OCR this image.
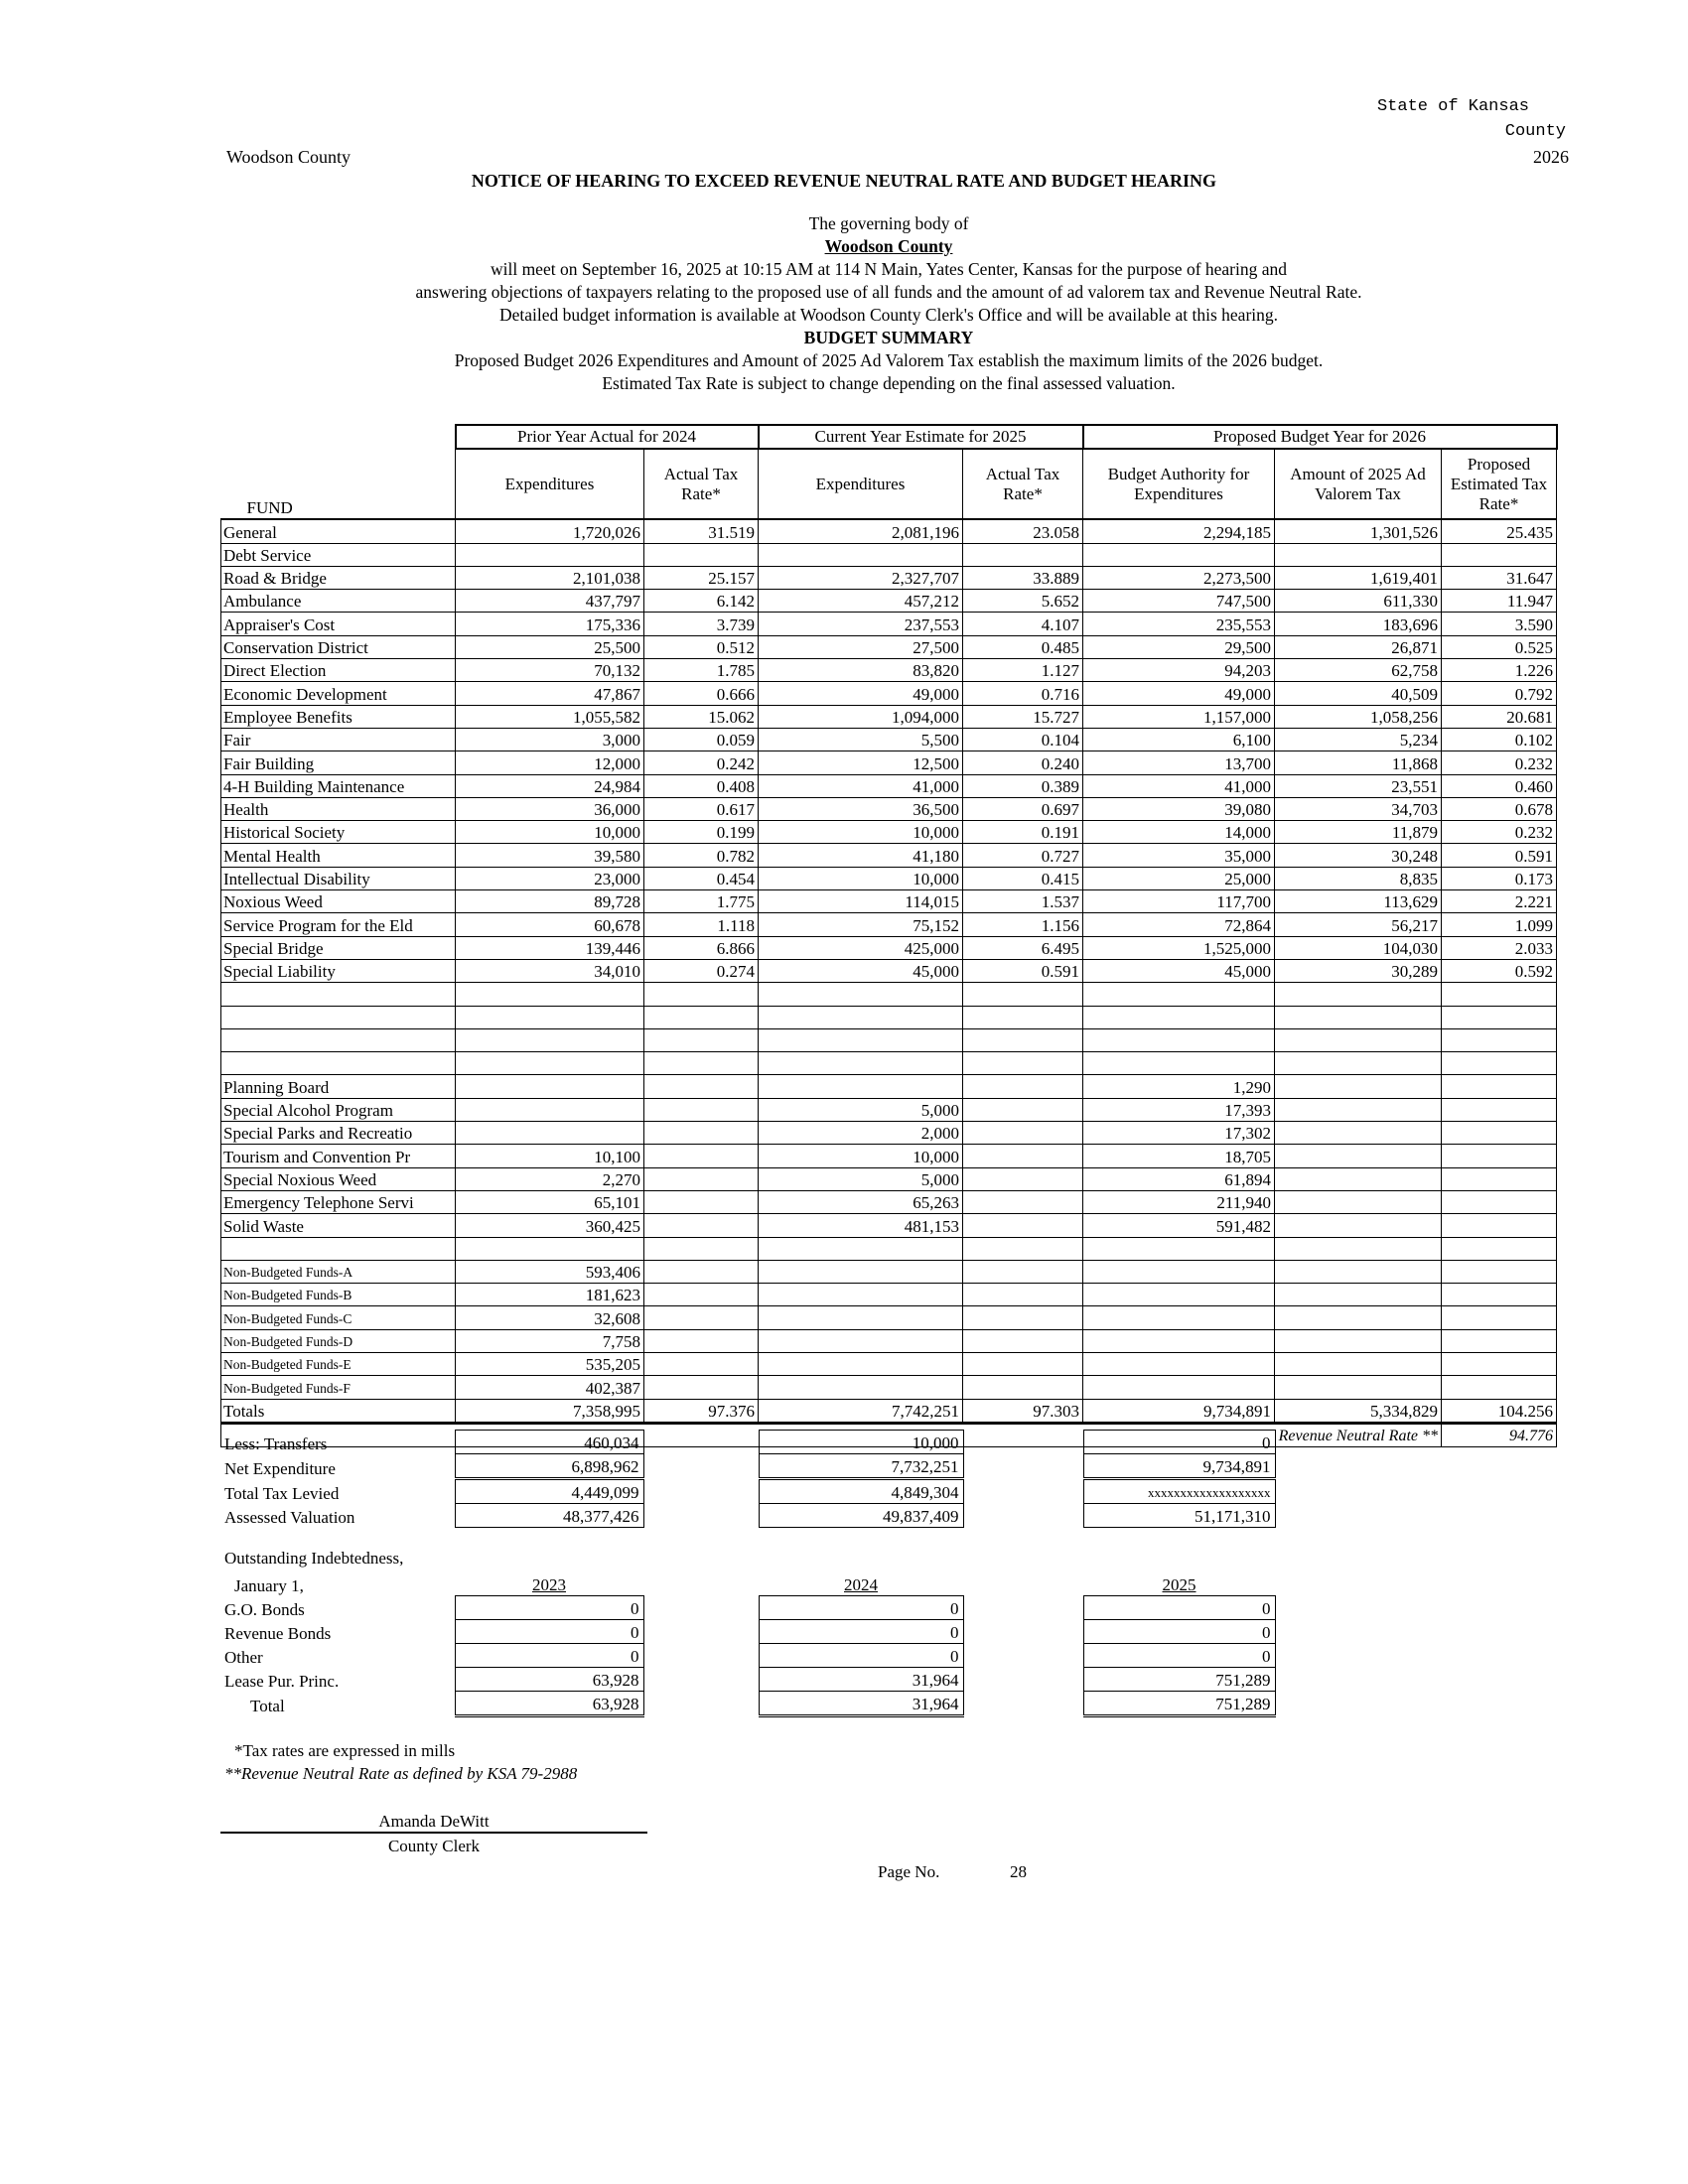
State of Kansas
County
Woodson County	2026
NOTICE OF HEARING TO EXCEED REVENUE NEUTRAL RATE AND BUDGET HEARING
The governing body of
Woodson County
will meet on September 16, 2025 at 10:15 AM at 114 N Main, Yates Center, Kansas for the purpose of hearing and
answering objections of taxpayers relating to the proposed use of all funds and the amount of ad valorem tax and Revenue Neutral Rate.
Detailed budget information is available at Woodson County Clerk's Office and will be available at this hearing.
BUDGET SUMMARY
Proposed Budget 2026 Expenditures and Amount of 2025 Ad Valorem Tax establish the maximum limits of the 2026 budget.
Estimated Tax Rate is subject to change depending on the final assessed valuation.
	Prior Year Actual for 2024		Current Year Estimate for 2025		Proposed Budget Year for 2026		
FUND	Expenditures	Actual Tax Rate*	Expenditures	Actual Tax Rate*	Budget Authority for Expenditures	Amount of 2025 Ad Valorem Tax	Proposed Estimated Tax Rate*
General	1,720,026	31.519	2,081,196	23.058	2,294,185	1,301,526	25.435
Debt Service							
Road & Bridge	2,101,038	25.157	2,327,707	33.889	2,273,500	1,619,401	31.647
Ambulance	437,797	6.142	457,212	5.652	747,500	611,330	11.947
Appraiser's Cost	175,336	3.739	237,553	4.107	235,553	183,696	3.590
Conservation District	25,500	0.512	27,500	0.485	29,500	26,871	0.525
Direct Election	70,132	1.785	83,820	1.127	94,203	62,758	1.226
Economic Development	47,867	0.666	49,000	0.716	49,000	40,509	0.792
Employee Benefits	1,055,582	15.062	1,094,000	15.727	1,157,000	1,058,256	20.681
Fair	3,000	0.059	5,500	0.104	6,100	5,234	0.102
Fair Building	12,000	0.242	12,500	0.240	13,700	11,868	0.232
4-H Building Maintenance	24,984	0.408	41,000	0.389	41,000	23,551	0.460
Health	36,000	0.617	36,500	0.697	39,080	34,703	0.678
Historical Society	10,000	0.199	10,000	0.191	14,000	11,879	0.232
Mental Health	39,580	0.782	41,180	0.727	35,000	30,248	0.591
Intellectual Disability	23,000	0.454	10,000	0.415	25,000	8,835	0.173
Noxious Weed	89,728	1.775	114,015	1.537	117,700	113,629	2.221
Service Program for the Eld	60,678	1.118	75,152	1.156	72,864	56,217	1.099
Special Bridge	139,446	6.866	425,000	6.495	1,525,000	104,030	2.033
Special Liability	34,010	0.274	45,000	0.591	45,000	30,289	0.592

Planning Board					1,290		
Special Alcohol Program			5,000		17,393		
Special Parks and Recreatio			2,000		17,302		
Tourism and Convention Pr	10,100		10,000		18,705		
Special Noxious Weed	2,270		5,000		61,894		
Emergency Telephone Servi	65,101		65,263		211,940		
Solid Waste	360,425		481,153		591,482		

Non-Budgeted Funds-A	593,406						
Non-Budgeted Funds-B	181,623						
Non-Budgeted Funds-C	32,608						
Non-Budgeted Funds-D	7,758						
Non-Budgeted Funds-E	535,205						
Non-Budgeted Funds-F	402,387						
Totals	7,358,995	97.376	7,742,251	97.303	9,734,891	5,334,829	104.256
Revenue Neutral Rate **							94.776
Less: Transfers	460,034		10,000		0
Net Expenditure	6,898,962		7,732,251		9,734,891
Total Tax Levied	4,449,099		4,849,304		xxxxxxxxxxxxxxxxxxx
Assessed Valuation	48,377,426		49,837,409		51,171,310
Outstanding Indebtedness,
January 1,	2023		2024		2025
G.O. Bonds	0		0		0
Revenue Bonds	0		0		0
Other	0		0		0
Lease Pur. Princ.	63,928		31,964		751,289
Total	63,928		31,964		751,289
*Tax rates are expressed in mills
**Revenue Neutral Rate as defined by KSA 79-2988
Amanda DeWitt
County Clerk
Page No.	28
